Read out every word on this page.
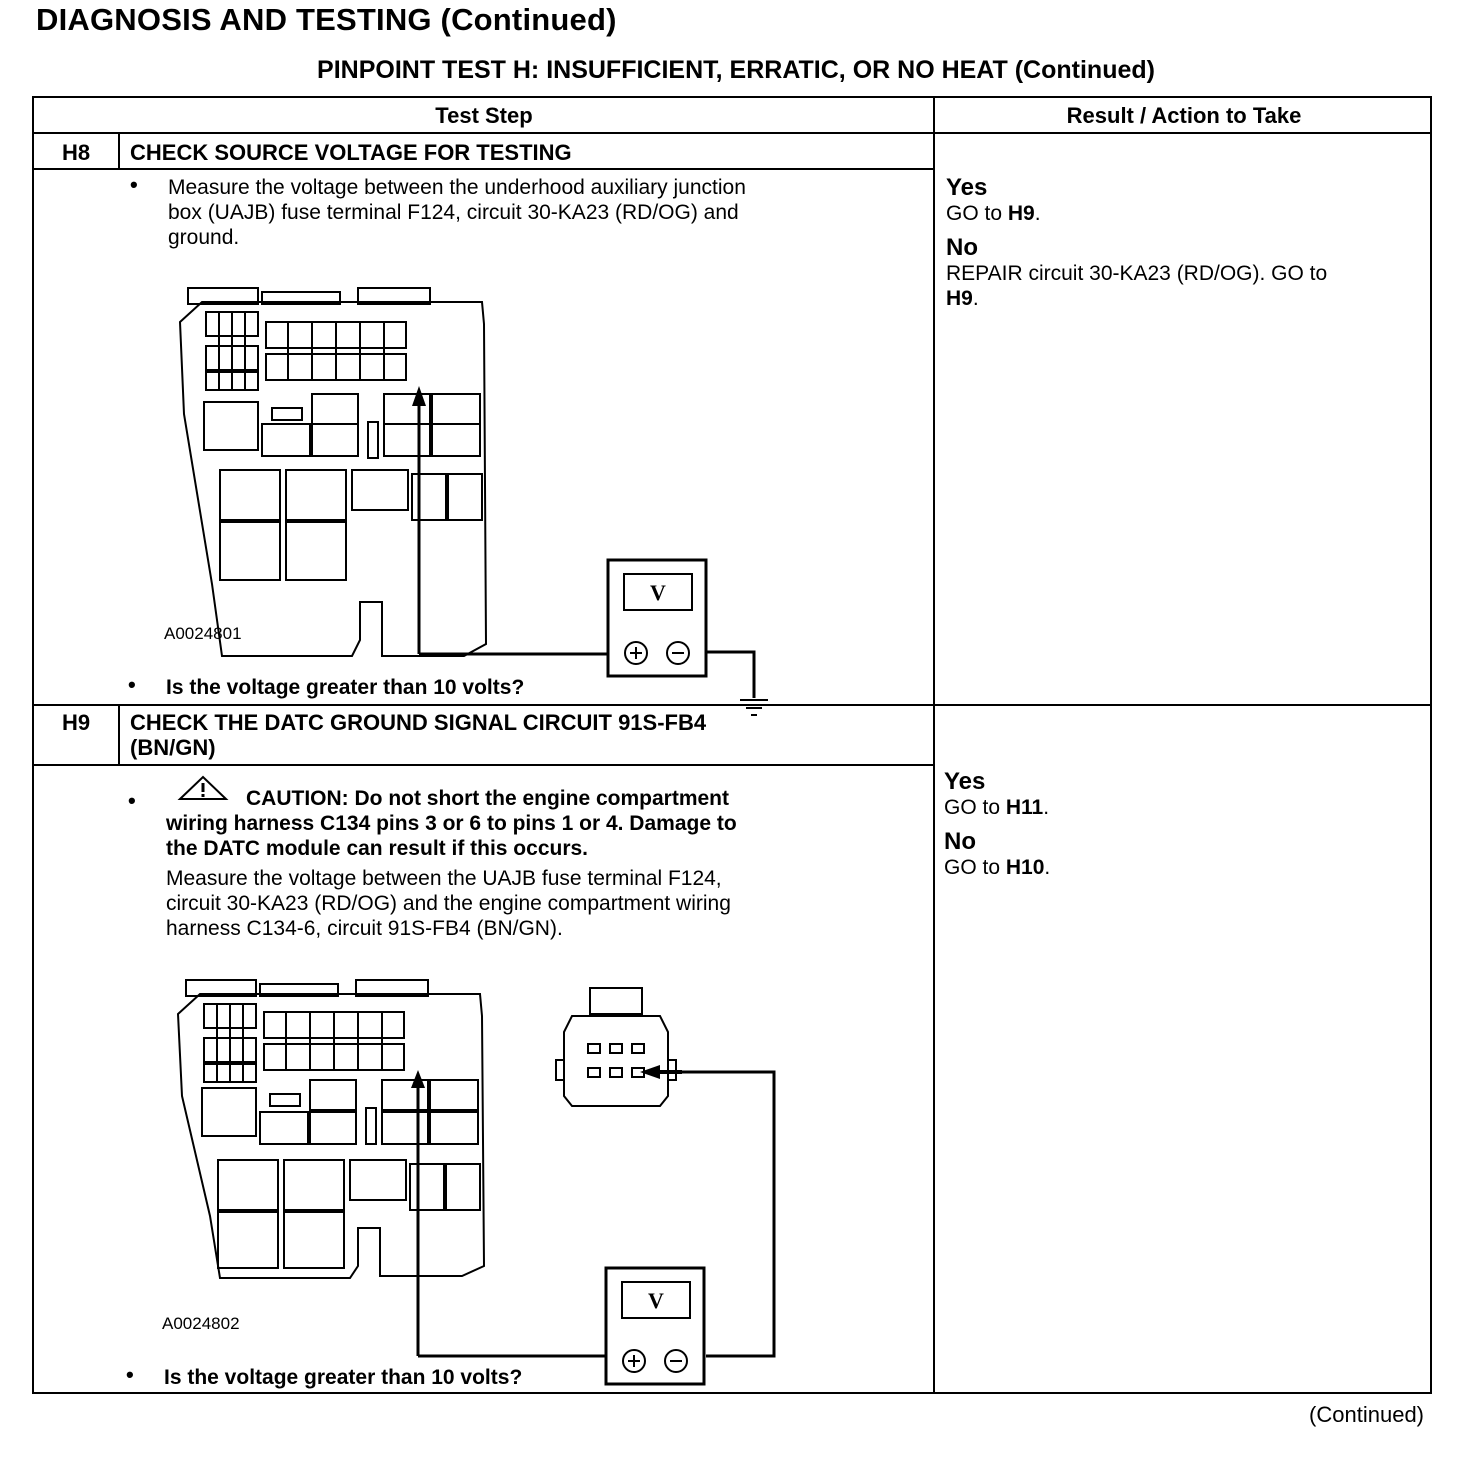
DIAGNOSIS AND TESTING (Continued)
PINPOINT TEST H: INSUFFICIENT, ERRATIC, OR NO HEAT (Continued)
Test Step	Result / Action to Take
H8	CHECK SOURCE VOLTAGE FOR TESTING
• Measure the voltage between the underhood auxiliary junction
box (UAJB) fuse terminal F124, circuit 30-KA23 (RD/OG) and
ground.
V
A0024801
• Is the voltage greater than 10 volts?
Yes
GO to H9.
No
REPAIR circuit 30-KA23 (RD/OG). GO to
H9.
H9	CHECK THE DATC GROUND SIGNAL CIRCUIT 91S-FB4
(BN/GN)
•	CAUTION: Do not short the engine compartment
wiring harness C134 pins 3 or 6 to pins 1 or 4. Damage to
the DATC module can result if this occurs.
Measure the voltage between the UAJB fuse terminal F124,
circuit 30-KA23 (RD/OG) and the engine compartment wiring
harness C134-6, circuit 91S-FB4 (BN/GN).
V
A0024802
• Is the voltage greater than 10 volts?
Yes
GO to H11.
No
GO to H10.
(Continued)
